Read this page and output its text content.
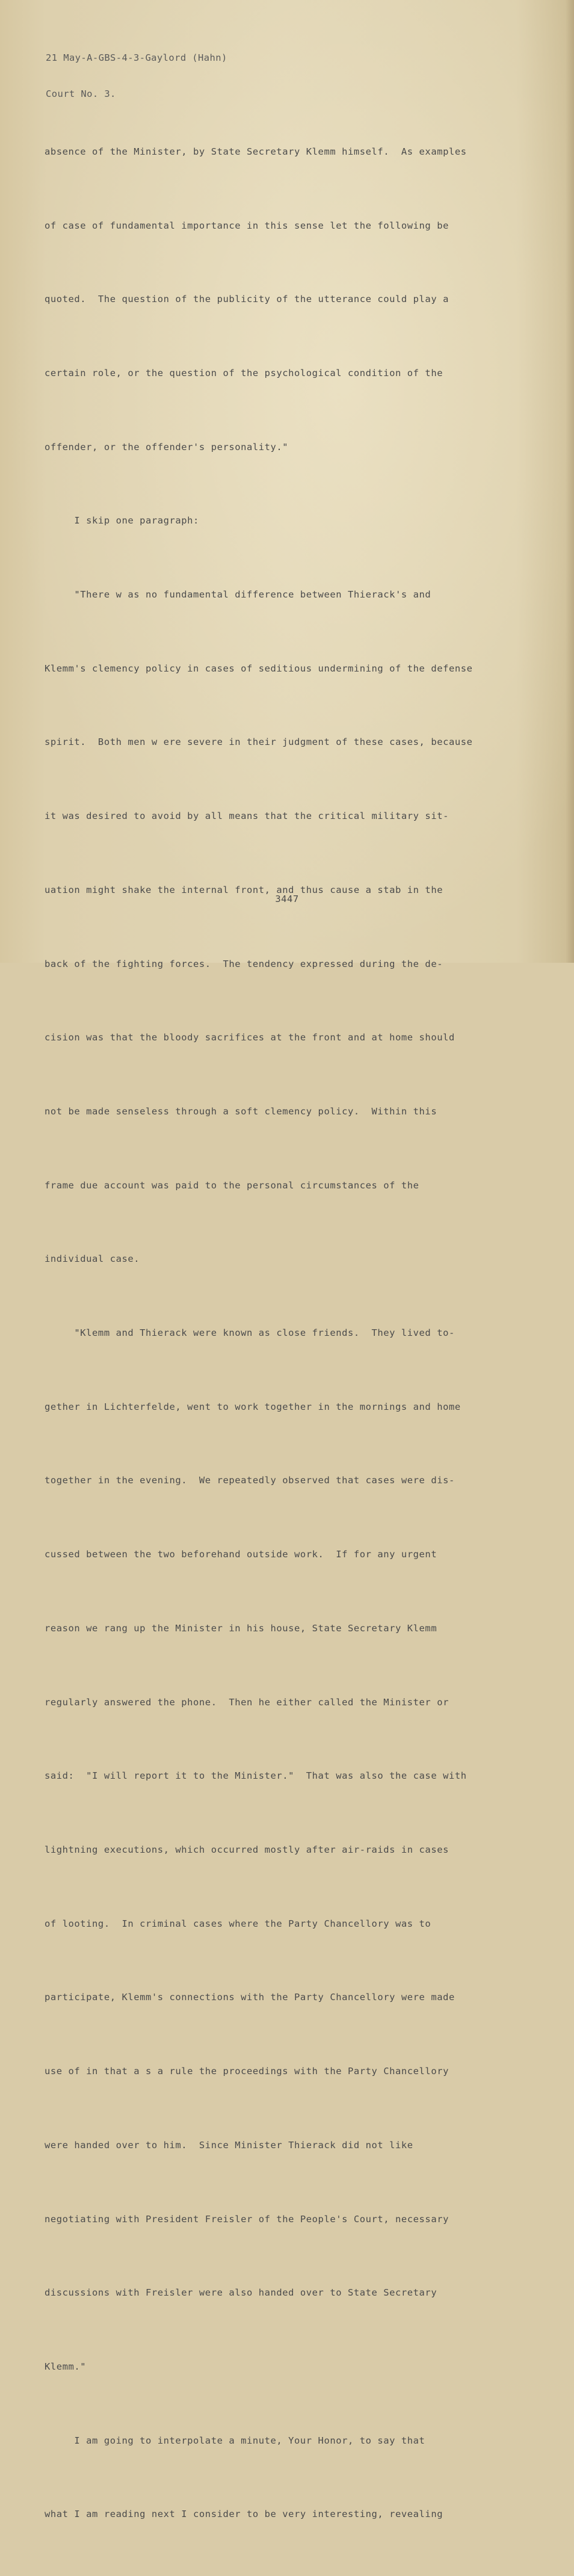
21 May-A-GBS-4-3-Gaylord (Hahn)

Court No. 3.

absence of the Minister, by State Secretary Klemm himself.  As examples

of case of fundamental importance in this sense let the following be

quoted.  The question of the publicity of the utterance could play a

certain role, or the question of the psychological condition of the

offender, or the offender's personality."

I skip one paragraph:

"There w as no fundamental difference between Thierack's and

Klemm's clemency policy in cases of seditious undermining of the defense

spirit.  Both men w ere severe in their judgment of these cases, because

it was desired to avoid by all means that the critical military sit-

uation might shake the internal front, and thus cause a stab in the

back of the fighting forces.  The tendency expressed during the de-

cision was that the bloody sacrifices at the front and at home should

not be made senseless through a soft clemency policy.  Within this

frame due account was paid to the personal circumstances of the

individual case.

"Klemm and Thierack were known as close friends.  They lived to-

gether in Lichterfelde, went to work together in the mornings and home

together in the evening.  We repeatedly observed that cases were dis-

cussed between the two beforehand outside work.  If for any urgent

reason we rang up the Minister in his house, State Secretary Klemm

regularly answered the phone.  Then he either called the Minister or

said:  "I will report it to the Minister."  That was also the case with

lightning executions, which occurred mostly after air-raids in cases

of looting.  In criminal cases where the Party Chancellory was to

participate, Klemm's connections with the Party Chancellory were made

use of in that a s a rule the proceedings with the Party Chancellory

were handed over to him.  Since Minister Thierack did not like

negotiating with President Freisler of the People's Court, necessary

discussions with Freisler were also handed over to State Secretary

Klemm."

I am going to interpolate a minute, Your Honor, to say that

what I am reading next I consider to be very interesting, revealing

3447
